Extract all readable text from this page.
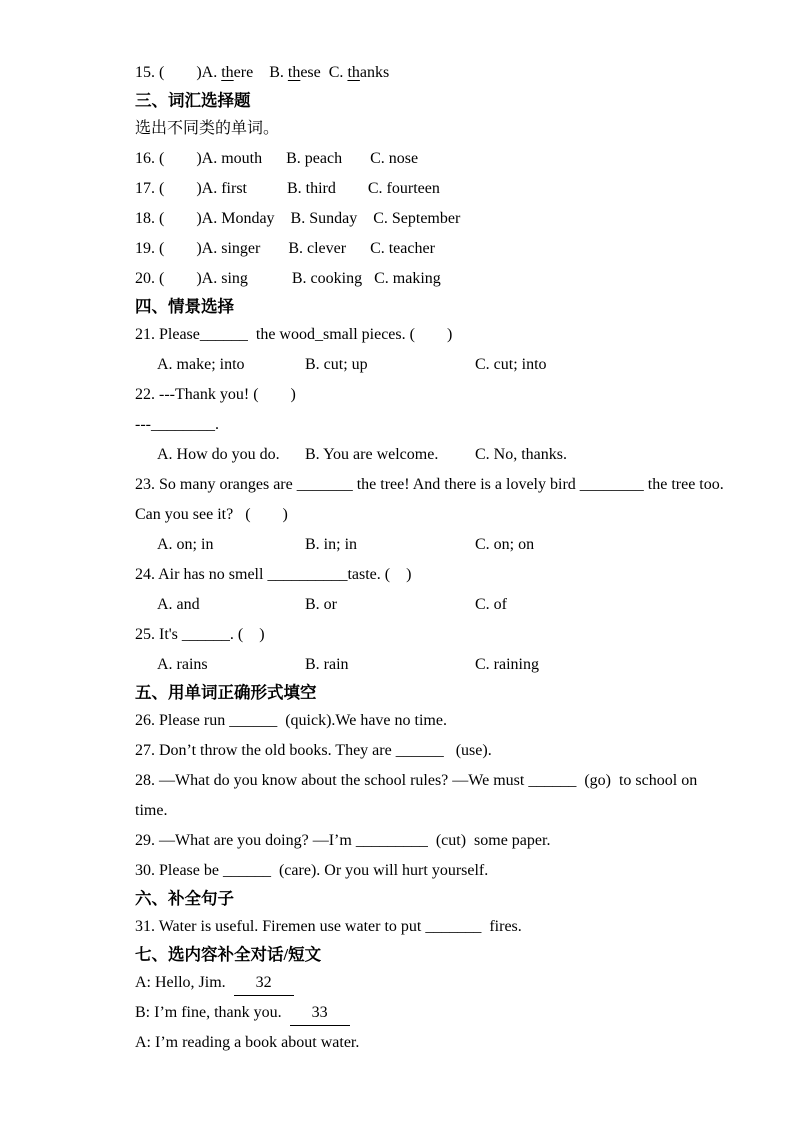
15. (        )A. there    B. these  C. thanks
三、词汇选择题
选出不同类的单词。
16. (        )A. mouth      B. peach       C. nose
17. (        )A. first          B. third        C. fourteen
18. (        )A. Monday    B. Sunday    C. September
19. (        )A. singer       B. clever      C. teacher
20. (        )A. sing           B. cooking   C. making
四、情景选择
21. Please______  the wood_small pieces. (        )
A. make; into	B. cut; up	C. cut; into
22. ---Thank you! (        )
---________.
A. How do you do.	B. You are welcome.	C. No, thanks.
23. So many oranges are _______ the tree! And there is a lovely bird ________ the tree too.
Can you see it?   (        )
A. on; in	B. in; in	C. on; on
24. Air has no smell __________taste. (    )
A. and	B. or	C. of
25. It's ______. (    )
A. rains	B. rain	C. raining
五、用单词正确形式填空
26. Please run ______  (quick).We have no time.
27. Don’t throw the old books. They are ______   (use).
28. —What do you know about the school rules? —We must ______  (go)  to school on
time.
29. —What are you doing? —I’m _________  (cut)  some paper.
30. Please be ______  (care). Or you will hurt yourself.
六、补全句子
31. Water is useful. Firemen use water to put _______  fires.
七、选内容补全对话/短文
A: Hello, Jim.  32
B: I’m fine, thank you.  33
A: I’m reading a book about water.
